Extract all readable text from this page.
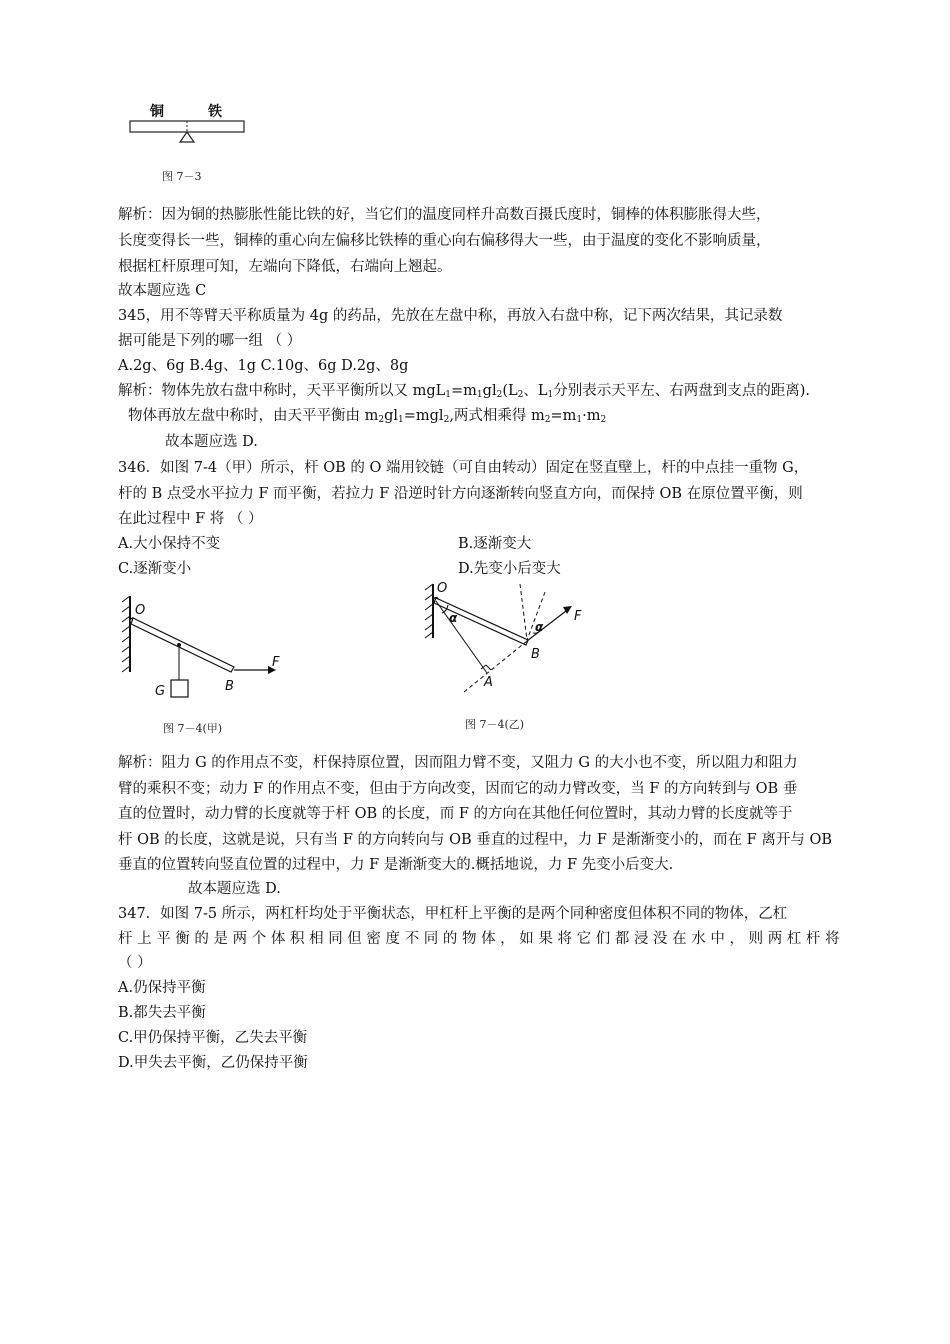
铜	铁
图 7－3
解析：因为铜的热膨胀性能比铁的好，当它们的温度同样升高数百摄氏度时，铜棒的体积膨胀得大些，
长度变得长一些，铜棒的重心向左偏移比铁棒的重心向右偏移得大一些，由于温度的变化不影响质量，
根据杠杆原理可知，左端向下降低，右端向上翘起。
故本题应选 C
345，用不等臂天平称质量为 4g 的药品，先放在左盘中称，再放入右盘中称，记下两次结果，其记录数
据可能是下列的哪一组 （ ）
A.2g、6g B.4g、1g C.10g、6g D.2g、8g
解析：物体先放右盘中称时，天平平衡所以又 $mgL_1=m_1gl_2(L_2$、$L_1$分别表示天平左、右两盘到支点的距离).
物体再放左盘中称时，由天平平衡由 $m_2gl_1=mgl_2$,两式相乘得 $m_2=m_1\cdot m_2$
故本题应选 D.
346．如图 7-4（甲）所示，杆 OB 的 O 端用铰链（可自由转动）固定在竖直壁上，杆的中点挂一重物 G，
杆的 B 点受水平拉力 F 而平衡，若拉力 F 沿逆时针方向逐渐转向竖直方向，而保持 OB 在原位置平衡，则
在此过程中 F 将 （ ）
A.大小保持不变	B.逐渐变大
C.逐渐变小	D.先变小后变大
O
G	B
F
图 7－4(甲)
O
α
α
B
A
F
图 7－4(乙)
解析：阻力 G 的作用点不变，杆保持原位置，因而阻力臂不变，又阻力 G 的大小也不变，所以阻力和阻力
臂的乘积不变；动力 F 的作用点不变，但由于方向改变，因而它的动力臂改变，当 F 的方向转到与 OB 垂
直的位置时，动力臂的长度就等于杆 OB 的长度，而 F 的方向在其他任何位置时，其动力臂的长度就等于
杆 OB 的长度，这就是说，只有当 F 的方向转向与 OB 垂直的过程中，力 F 是渐渐变小的，而在 F 离开与 OB
垂直的位置转向竖直位置的过程中，力 F 是渐渐变大的.概括地说，力 F 先变小后变大.
故本题应选 D.
347．如图 7-5 所示，两杠杆均处于平衡状态，甲杠杆上平衡的是两个同种密度但体积不同的物体，乙杠
杆 上 平 衡 的 是 两 个 体 积 相 同 但 密 度 不 同 的 物 体 ， 如 果 将 它 们 都 浸 没 在 水 中 ， 则 两 杠 杆 将
（ ）
A.仍保持平衡
B.都失去平衡
C.甲仍保持平衡，乙失去平衡
D.甲失去平衡，乙仍保持平衡
